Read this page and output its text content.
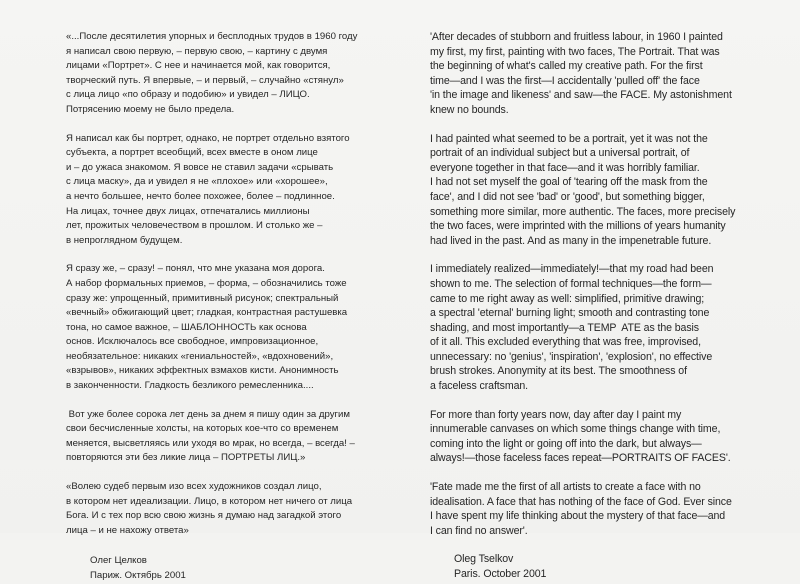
«...После десятилетия упорных и бесплодных трудов в 1960 году
я написал свою первую, – первую свою, – картину с двумя
лицами «Портрет». С нее и начинается мой, как говорится,
творческий путь. Я впервые, – и первый, – случайно «стянул»
с лица лицо «по образу и подобию» и увидел – ЛИЦО.
Потрясению моему не было предела.
Я написал как бы портрет, однако, не портрет отдельно взятого
субъекта, а портрет всеобщий, всех вместе в оном лице
и – до ужаса знакомом. Я вовсе не ставил задачи «срывать
с лица маску», да и увидел я не «плохое» или «хорошее»,
а нечто большее, нечто более похожее, более – подлинное.
На лицах, точнее двух лицах, отпечатались миллионы
лет, прожитых человечеством в прошлом. И столько же –
в непроглядном будущем.
Я сразу же, – сразу! – понял, что мне указана моя дорога.
А набор формальных приемов, – форма, – обозначились тоже
сразу же: упрощенный, примитивный рисунок; спектральный
«вечный» обжигающий цвет; гладкая, контрастная растушевка
тона, но самое важное, – ШАБЛОННОСТЬ как основа
основ. Исключалось все свободное, импровизационное,
необязательное: никаких «гениальностей», «вдохновений»,
«взрывов», никаких эффектных взмахов кисти. Анонимность
в законченности. Гладкость безликого ремесленника....
Вот уже более сорока лет день за днем я пишу один за другим
свои бесчисленные холсты, на которых кое-что со временем
меняется, высветляясь или уходя во мрак, но всегда, – всегда! –
повторяются эти без ликие лица – ПОРТРЕТЫ ЛИЦ.»
«Волею судеб первым изо всех художников создал лицо,
в котором нет идеализации. Лицо, в котором нет ничего от лица
Бога. И с тех пор всю свою жизнь я думаю над загадкой этого
лица – и не нахожу ответа»
Олег Целков
Париж. Октябрь 2001
'After decades of stubborn and fruitless labour, in 1960 I painted
my first, my first, painting with two faces, The Portrait. That was
the beginning of what's called my creative path. For the first
time—and I was the first—I accidentally 'pulled off' the face
'in the image and likeness' and saw—the FACE. My astonishment
knew no bounds.
I had painted what seemed to be a portrait, yet it was not the
portrait of an individual subject but a universal portrait, of
everyone together in that face—and it was horribly familiar.
I had not set myself the goal of 'tearing off the mask from the
face', and I did not see 'bad' or 'good', but something bigger,
something more similar, more authentic. The faces, more precisely
the two faces, were imprinted with the millions of years humanity
had lived in the past. And as many in the impenetrable future.
I immediately realized—immediately!—that my road had been
shown to me. The selection of formal techniques—the form—
came to me right away as well: simplified, primitive drawing;
a spectral 'eternal' burning light; smooth and contrasting tone
shading, and most importantly—a TEMP  ATE as the basis
of it all. This excluded everything that was free, improvised,
unnecessary: no 'genius', 'inspiration', 'explosion', no effective
brush strokes. Anonymity at its best. The smoothness of
a faceless craftsman.
For more than forty years now, day after day I paint my
innumerable canvases on which some things change with time,
coming into the light or going off into the dark, but always—
always!—those faceless faces repeat—PORTRAITS OF FACES'.
'Fate made me the first of all artists to create a face with no
idealisation. A face that has nothing of the face of God. Ever since
I have spent my life thinking about the mystery of that face—and
I can find no answer'.
Oleg Tselkov
Paris. October 2001
